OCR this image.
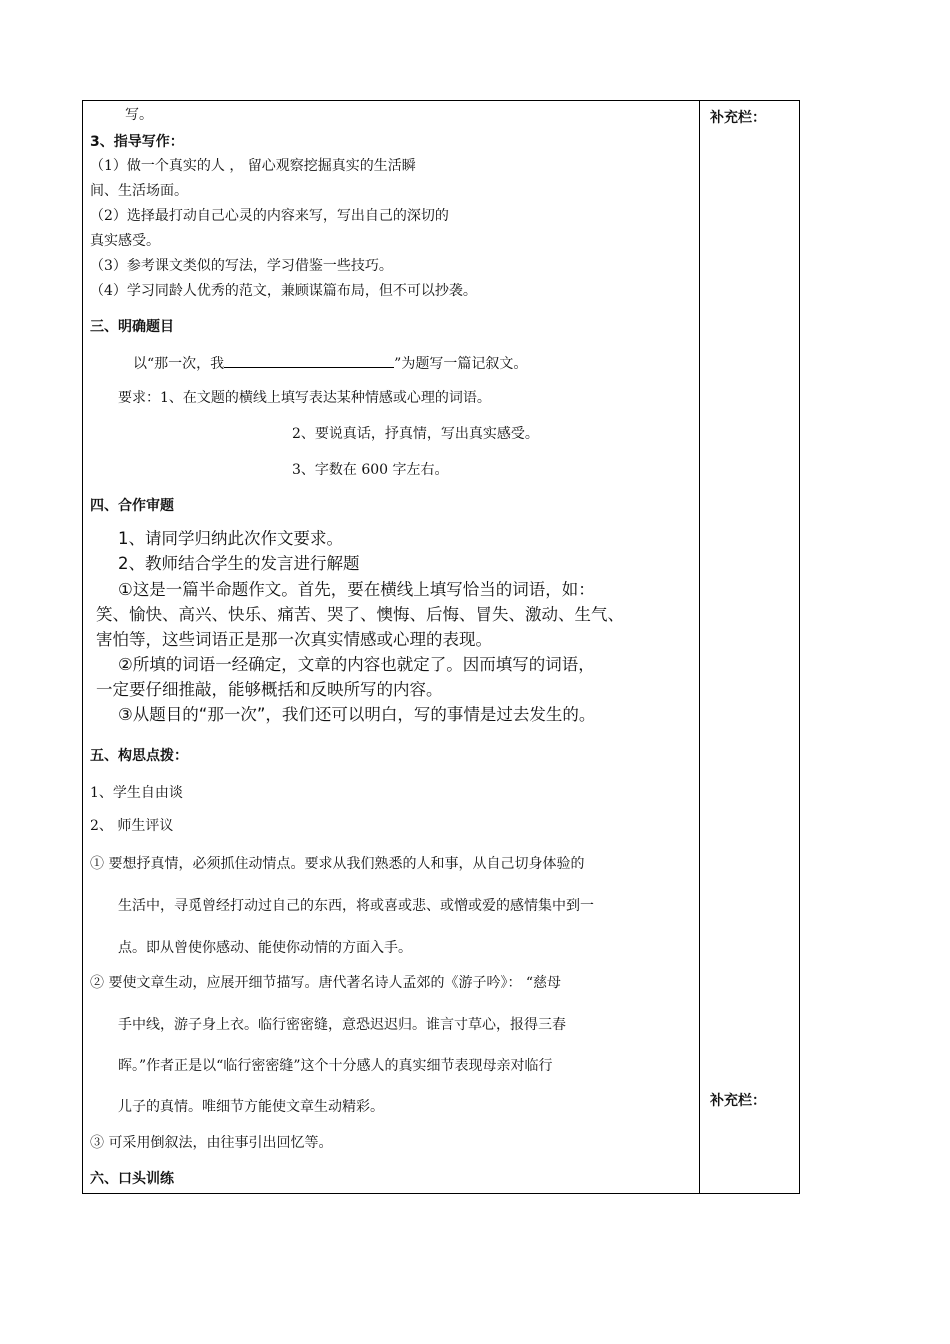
补充栏：
补充栏：
写。
3、指导写作：
（1）做一个真实的人 ， 留心观察挖掘真实的生活瞬
间、生活场面。
（2）选择最打动自己心灵的内容来写，写出自己的深切的
真实感受。
（3）参考课文类似的写法，学习借鉴一些技巧。
（4）学习同龄人优秀的范文，兼顾谋篇布局，但不可以抄袭。
三、明确题目
以“那一次，我	”为题写一篇记叙文。
要求：1、在文题的横线上填写表达某种情感或心理的词语。
2、要说真话，抒真情，写出真实感受。
3、字数在 600 字左右。
四、合作审题
1、请同学归纳此次作文要求。
2、教师结合学生的发言进行解题
①这是一篇半命题作文。首先，要在横线上填写恰当的词语，如：
笑、愉快、高兴、快乐、痛苦、哭了、懊悔、后悔、冒失、激动、生气、
害怕等，这些词语正是那一次真实情感或心理的表现。
②所填的词语一经确定，文章的内容也就定了。因而填写的词语，
一定要仔细推敲，能够概括和反映所写的内容。
③从题目的“那一次”，我们还可以明白，写的事情是过去发生的。
五、构思点拨：
1、学生自由谈
2、 师生评议
① 要想抒真情，必须抓住动情点。要求从我们熟悉的人和事，从自己切身体验的
生活中，寻觅曾经打动过自己的东西，将或喜或悲、或憎或爱的感情集中到一
点。即从曾使你感动、能使你动情的方面入手。
② 要使文章生动，应展开细节描写。唐代著名诗人孟郊的《游子吟》： “慈母
手中线，游子身上衣。临行密密缝，意恐迟迟归。谁言寸草心，报得三春
晖。”作者正是以“临行密密缝”这个十分感人的真实细节表现母亲对临行
儿子的真情。唯细节方能使文章生动精彩。
③ 可采用倒叙法，由往事引出回忆等。
六、口头训练
